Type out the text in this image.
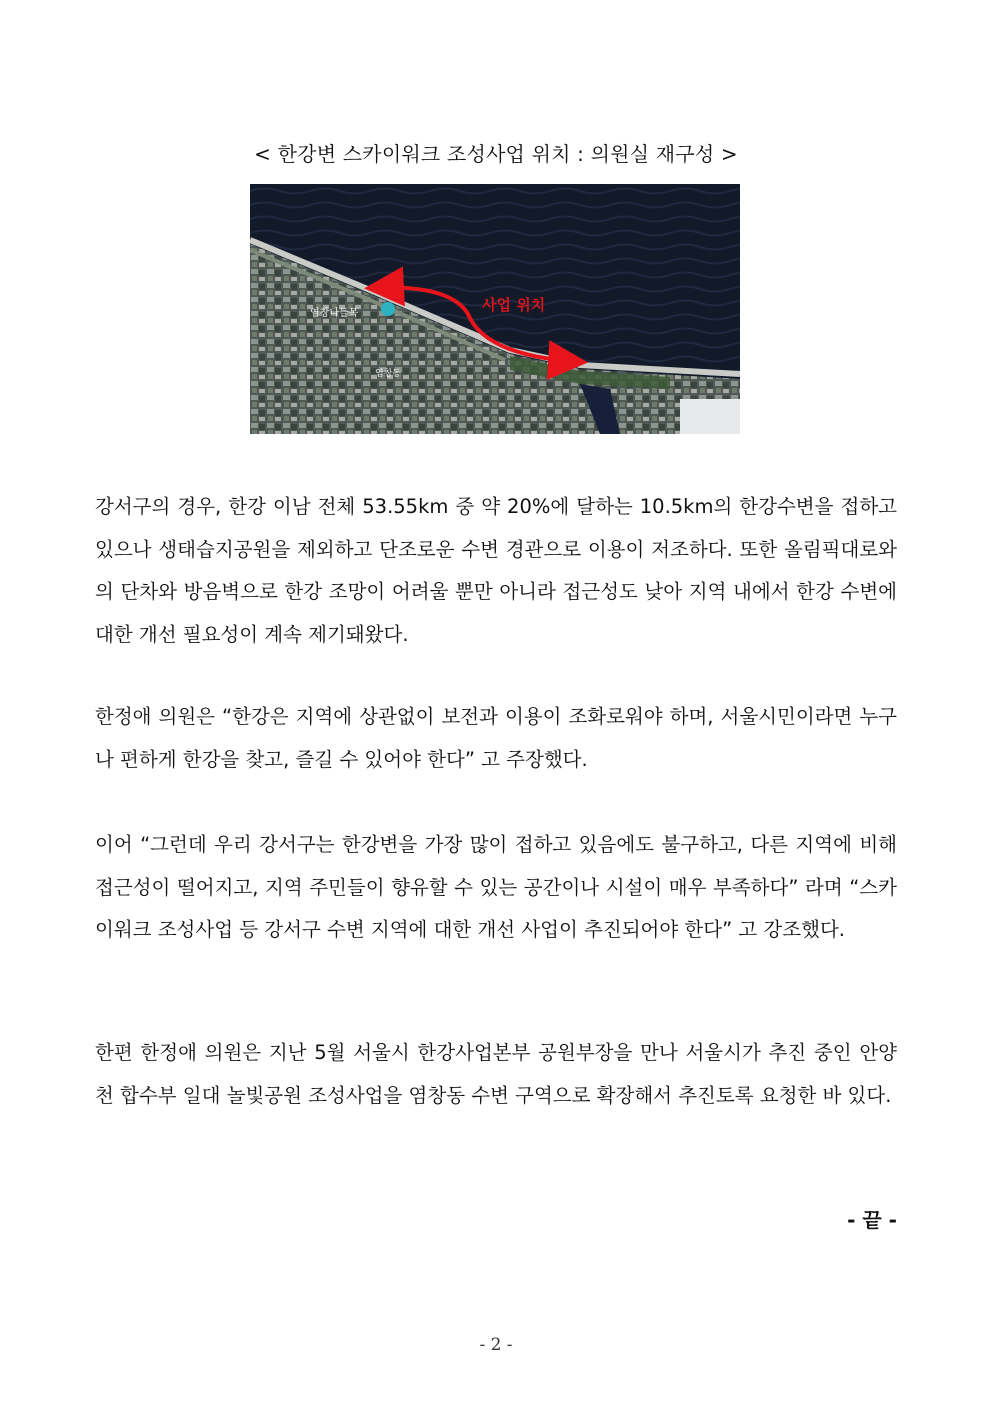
< 한강변 스카이워크 조성사업 위치 : 의원실 재구성 >
염창나들목
염창동
사업 위치

강서구의 경우, 한강 이남 전체 53.55km 중 약 20%에 달하는 10.5km의 한강수변을 접하고 있으나 생태습지공원을 제외하고 단조로운 수변 경관으로 이용이 저조하다. 또한 올림픽대로와의 단차와 방음벽으로 한강 조망이 어려울 뿐만 아니라 접근성도 낮아 지역 내에서 한강 수변에 대한 개선 필요성이 계속 제기돼왔다.

한정애 의원은 “한강은 지역에 상관없이 보전과 이용이 조화로워야 하며, 서울시민이라면 누구나 편하게 한강을 찾고, 즐길 수 있어야 한다” 고 주장했다.

이어 “그런데 우리 강서구는 한강변을 가장 많이 접하고 있음에도 불구하고, 다른 지역에 비해 접근성이 떨어지고, 지역 주민들이 향유할 수 있는 공간이나 시설이 매우 부족하다” 라며 “스카이워크 조성사업 등 강서구 수변 지역에 대한 개선 사업이 추진되어야 한다” 고 강조했다.

한편 한정애 의원은 지난 5월 서울시 한강사업본부 공원부장을 만나 서울시가 추진 중인 안양천 합수부 일대 놀빛공원 조성사업을 염창동 수변 구역으로 확장해서 추진토록 요청한 바 있다.

- 끝 -
- 2 -
